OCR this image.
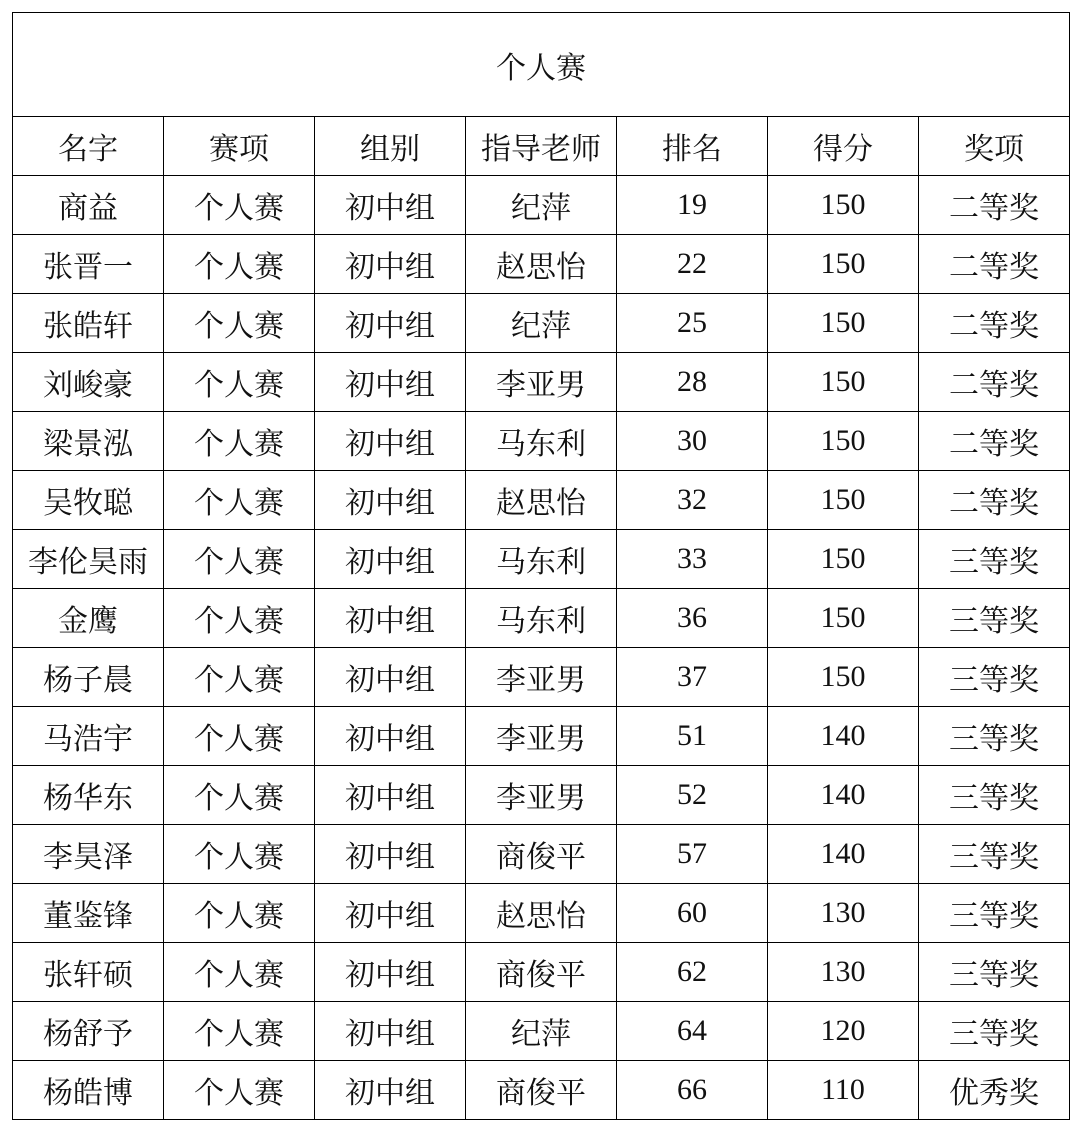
个人赛						
名字	赛项	组别	指导老师	排名	得分	奖项
商益	个人赛	初中组	纪萍	19	150	二等奖
张晋一	个人赛	初中组	赵思怡	22	150	二等奖
张皓轩	个人赛	初中组	纪萍	25	150	二等奖
刘峻豪	个人赛	初中组	李亚男	28	150	二等奖
梁景泓	个人赛	初中组	马东利	30	150	二等奖
吴牧聪	个人赛	初中组	赵思怡	32	150	二等奖
李伦昊雨	个人赛	初中组	马东利	33	150	三等奖
金鹰	个人赛	初中组	马东利	36	150	三等奖
杨子晨	个人赛	初中组	李亚男	37	150	三等奖
马浩宇	个人赛	初中组	李亚男	51	140	三等奖
杨华东	个人赛	初中组	李亚男	52	140	三等奖
李昊泽	个人赛	初中组	商俊平	57	140	三等奖
董鉴锋	个人赛	初中组	赵思怡	60	130	三等奖
张轩硕	个人赛	初中组	商俊平	62	130	三等奖
杨舒予	个人赛	初中组	纪萍	64	120	三等奖
杨皓博	个人赛	初中组	商俊平	66	110	优秀奖
